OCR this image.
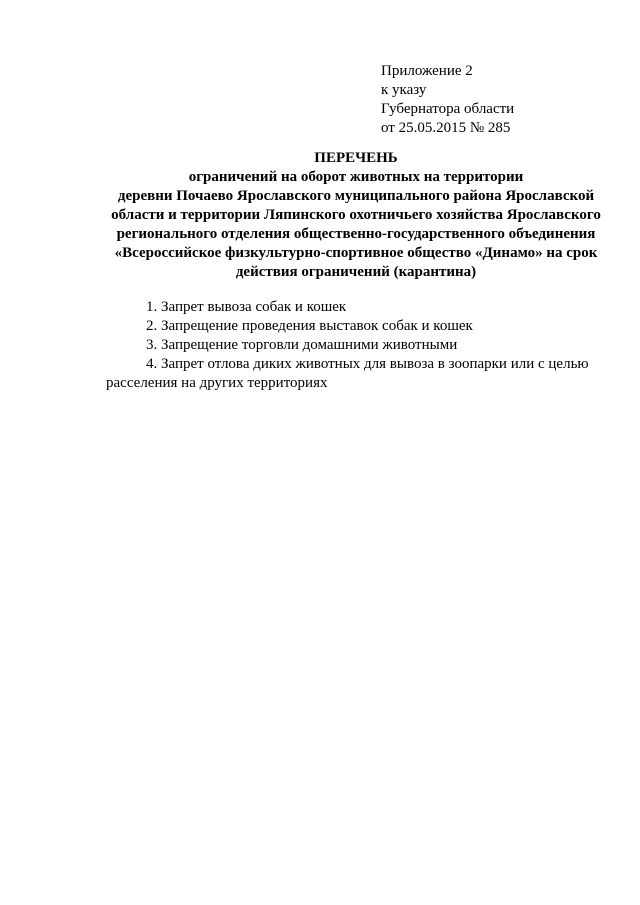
Приложение 2
к указу
Губернатора области
от 25.05.2015 № 285
ПЕРЕЧЕНЬ
ограничений на оборот животных на территории
деревни Почаево Ярославского муниципального района Ярославской
области и территории Ляпинского охотничьего хозяйства Ярославского
регионального отделения общественно-государственного объединения
«Всероссийское физкультурно-спортивное общество «Динамо» на срок
действия ограничений (карантина)
1. Запрет вывоза собак и кошек
2. Запрещение проведения выставок собак и кошек
3. Запрещение торговли домашними животными
4. Запрет отлова диких животных для вывоза в зоопарки или с целью
расселения на других территориях
